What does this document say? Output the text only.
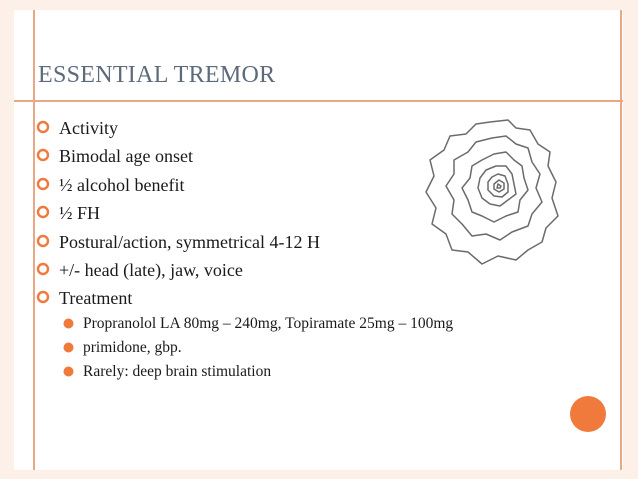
ESSENTIAL TREMOR
Activity
Bimodal age onset
½ alcohol benefit
½ FH
Postural/action, symmetrical 4-12 H
+/- head (late), jaw, voice
Treatment
Propranolol LA 80mg – 240mg, Topiramate 25mg – 100mg
primidone, gbp.
Rarely: deep brain stimulation
